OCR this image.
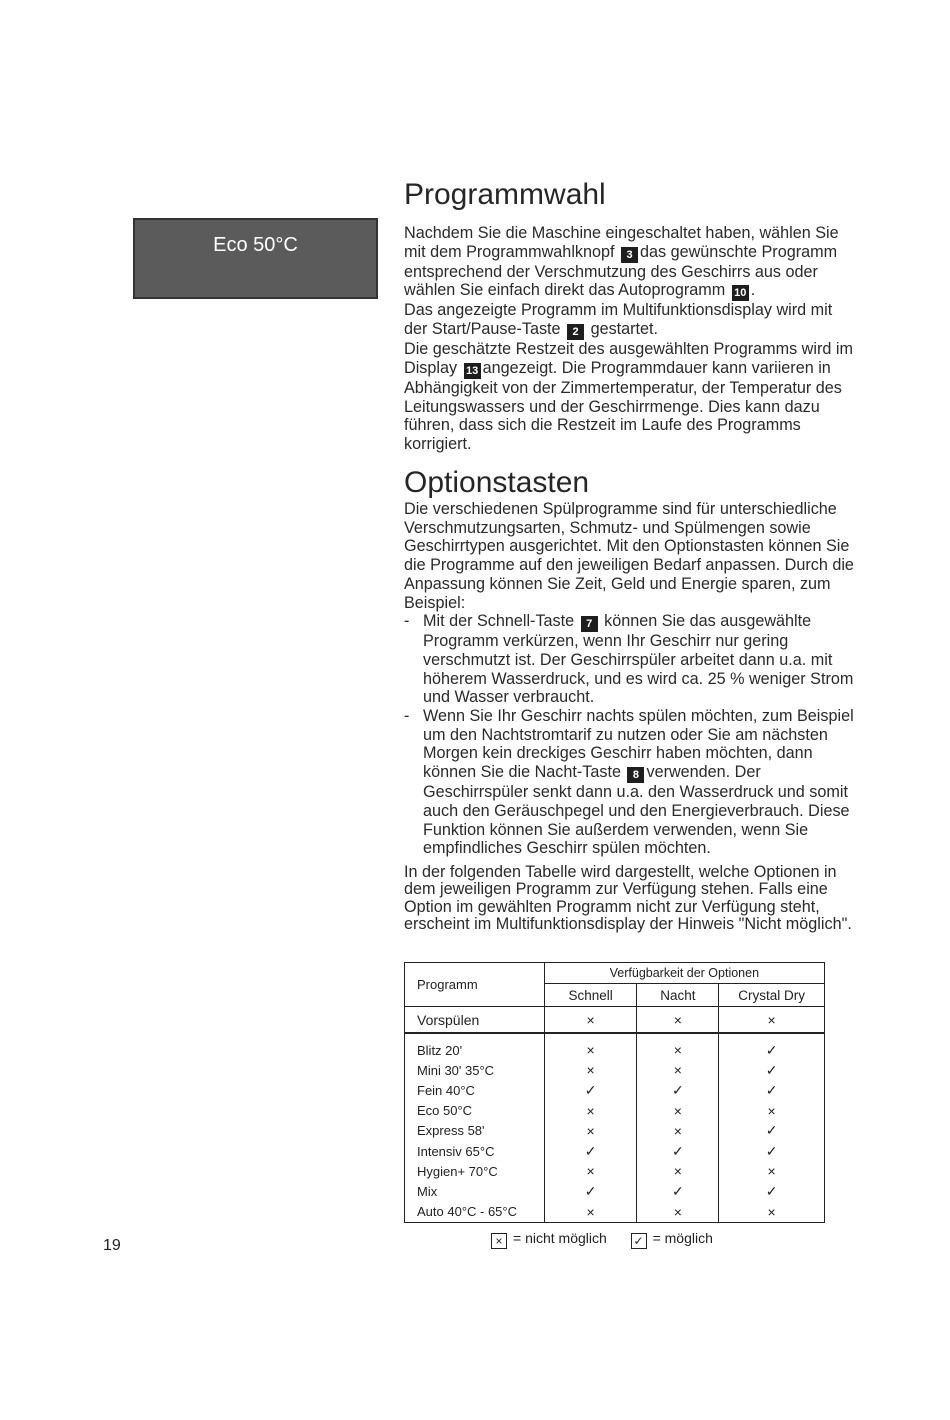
Eco 50°C
Programmwahl

Nachdem Sie die Maschine eingeschaltet haben, wählen Sie mit dem Programmwahlknopf 3 das gewünschte Programm entsprechend der Verschmutzung des Geschirrs aus oder wählen Sie einfach direkt das Autoprogramm 10 .

Das angezeigte Programm im Multifunktionsdisplay wird mit der Start/Pause-Taste 2 gestartet.

Die geschätzte Restzeit des ausgewählten Programms wird im Display 13 angezeigt. Die Programmdauer kann variieren in Abhängigkeit von der Zimmertemperatur, der Temperatur des Leitungswassers und der Geschirrmenge. Dies kann dazu führen, dass sich die Restzeit im Laufe des Programms korrigiert.

Optionstasten

Die verschiedenen Spülprogramme sind für unterschiedliche Verschmutzungsarten, Schmutz- und Spülmengen sowie Geschirrtypen ausgerichtet. Mit den Optionstasten können Sie die Programme auf den jeweiligen Bedarf anpassen. Durch die Anpassung können Sie Zeit, Geld und Energie sparen, zum Beispiel:

- Mit der Schnell-Taste 7 können Sie das ausgewählte Programm verkürzen, wenn Ihr Geschirr nur gering verschmutzt ist. Der Geschirrspüler arbeitet dann u.a. mit höherem Wasserdruck, und es wird ca. 25 % weniger Strom und Wasser verbraucht.
- Wenn Sie Ihr Geschirr nachts spülen möchten, zum Beispiel um den Nachtstromtarif zu nutzen oder Sie am nächsten Morgen kein dreckiges Geschirr haben möchten, dann können Sie die Nacht-Taste 8 verwenden. Der Geschirrspüler senkt dann u.a. den Wasserdruck und somit auch den Geräuschpegel und den Energieverbrauch. Diese Funktion können Sie außerdem verwenden, wenn Sie empfindliches Geschirr spülen möchten.

In der folgenden Tabelle wird dargestellt, welche Optionen in dem jeweiligen Programm zur Verfügung stehen. Falls eine Option im gewählten Programm nicht zur Verfügung steht, erscheint im Multifunktionsdisplay der Hinweis "Nicht möglich".

Programm	Verfügbarkeit der Optionen		
	Schnell	Nacht	Crystal Dry
Vorspülen	×	×	×

Blitz 20'	×	×	✓
Mini 30' 35°C	×	×	✓
Fein 40°C	✓	✓	✓
Eco 50°C	×	×	×
Express 58'	×	×	✓
Intensiv 65°C	✓	✓	✓
Hygien+ 70°C	×	×	×
Mix	✓	✓	✓
Auto 40°C - 65°C	×	×	×
× = nicht möglich ✓ = möglich
19
